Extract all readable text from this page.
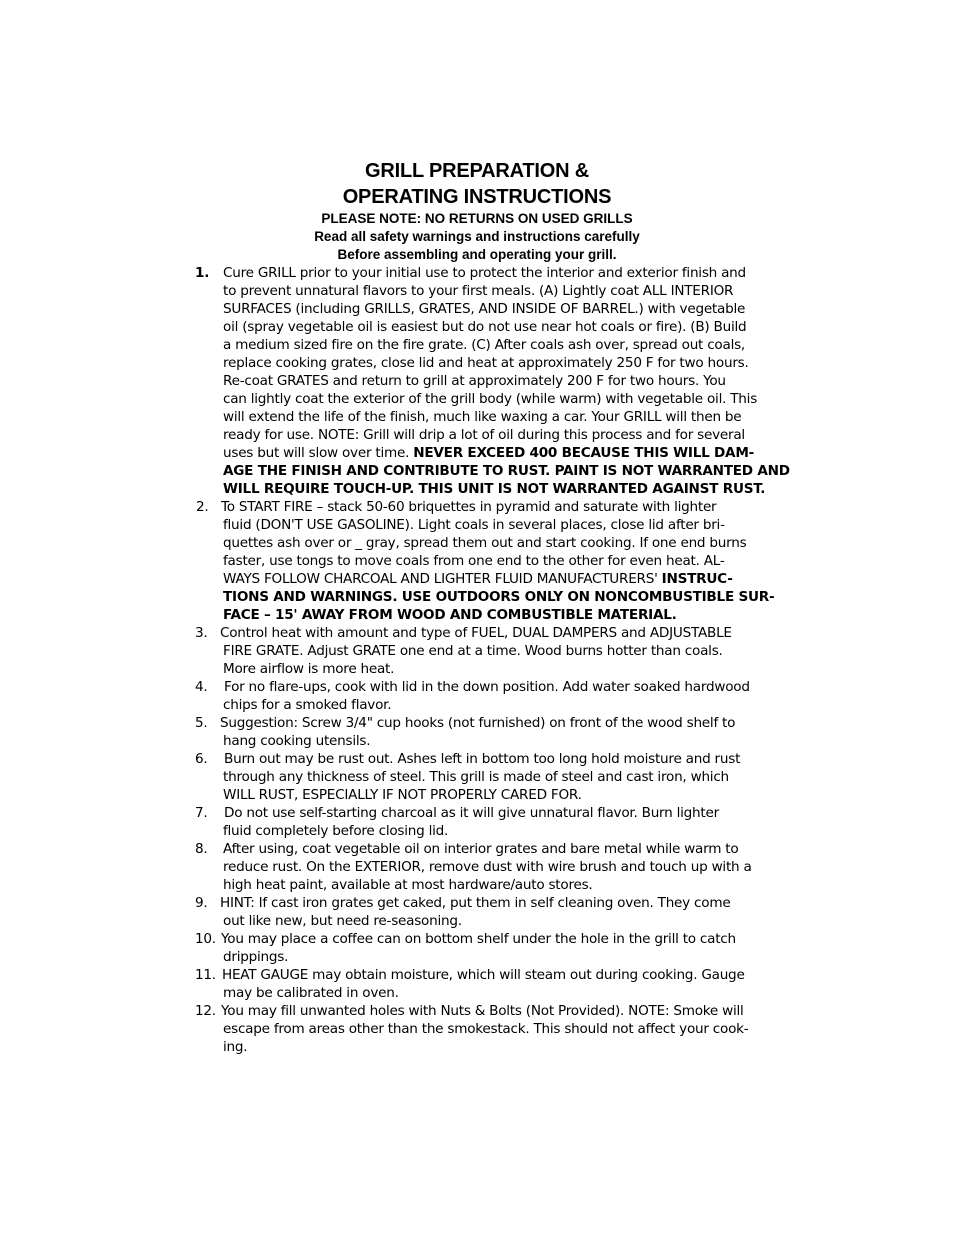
GRILL PREPARATION &
OPERATING INSTRUCTIONS
PLEASE NOTE: NO RETURNS ON USED GRILLS
Read all safety warnings and instructions carefully
Before assembling and operating your grill.
1.	Cure GRILL prior to your initial use to protect the interior and exterior finish and
to prevent unnatural flavors to your first meals. (A) Lightly coat ALL INTERIOR
SURFACES (including GRILLS, GRATES, AND INSIDE OF BARREL.) with vegetable
oil (spray vegetable oil is easiest but do not use near hot coals or fire). (B) Build
a medium sized fire on the fire grate. (C) After coals ash over, spread out coals,
replace cooking grates, close lid and heat at approximately 250 F for two hours.
Re-coat GRATES and return to grill at approximately 200 F for two hours. You
can lightly coat the exterior of the grill body (while warm) with vegetable oil. This
will extend the life of the finish, much like waxing a car. Your GRILL will then be
ready for use. NOTE: Grill will drip a lot of oil during this process and for several
uses but will slow over time. NEVER EXCEED 400 BECAUSE THIS WILL DAM-
AGE THE FINISH AND CONTRIBUTE TO RUST. PAINT IS NOT WARRANTED AND
WILL REQUIRE TOUCH-UP. THIS UNIT IS NOT WARRANTED AGAINST RUST.
2. To START FIRE – stack 50-60 briquettes in pyramid and saturate with lighter
fluid (DON'T USE GASOLINE). Light coals in several places, close lid after bri-
quettes ash over or _ gray, spread them out and start cooking. If one end burns
faster, use tongs to move coals from one end to the other for even heat. AL-
WAYS FOLLOW CHARCOAL AND LIGHTER FLUID MANUFACTURERS' INSTRUC-
TIONS AND WARNINGS. USE OUTDOORS ONLY ON NONCOMBUSTIBLE SUR-
FACE – 15' AWAY FROM WOOD AND COMBUSTIBLE MATERIAL.
3. Control heat with amount and type of FUEL, DUAL DAMPERS and ADJUSTABLE
FIRE GRATE. Adjust GRATE one end at a time. Wood burns hotter than coals.
More airflow is more heat.
4.	For no flare-ups, cook with lid in the down position. Add water soaked hardwood
chips for a smoked flavor.
5. Suggestion: Screw 3/4" cup hooks (not furnished) on front of the wood shelf to
hang cooking utensils.
6.	Burn out may be rust out. Ashes left in bottom too long hold moisture and rust
through any thickness of steel. This grill is made of steel and cast iron, which
WILL RUST, ESPECIALLY IF NOT PROPERLY CARED FOR.
7.	Do not use self-starting charcoal as it will give unnatural flavor. Burn lighter
fluid completely before closing lid.
8.	After using, coat vegetable oil on interior grates and bare metal while warm to
reduce rust. On the EXTERIOR, remove dust with wire brush and touch up with a
high heat paint, available at most hardware/auto stores.
9. HINT: If cast iron grates get caked, put them in self cleaning oven. They come
out like new, but need re-seasoning.
10. You may place a coffee can on bottom shelf under the hole in the grill to catch
drippings.
11. HEAT GAUGE may obtain moisture, which will steam out during cooking. Gauge
may be calibrated in oven.
12. You may fill unwanted holes with Nuts & Bolts (Not Provided). NOTE: Smoke will
escape from areas other than the smokestack. This should not affect your cook-
ing.
